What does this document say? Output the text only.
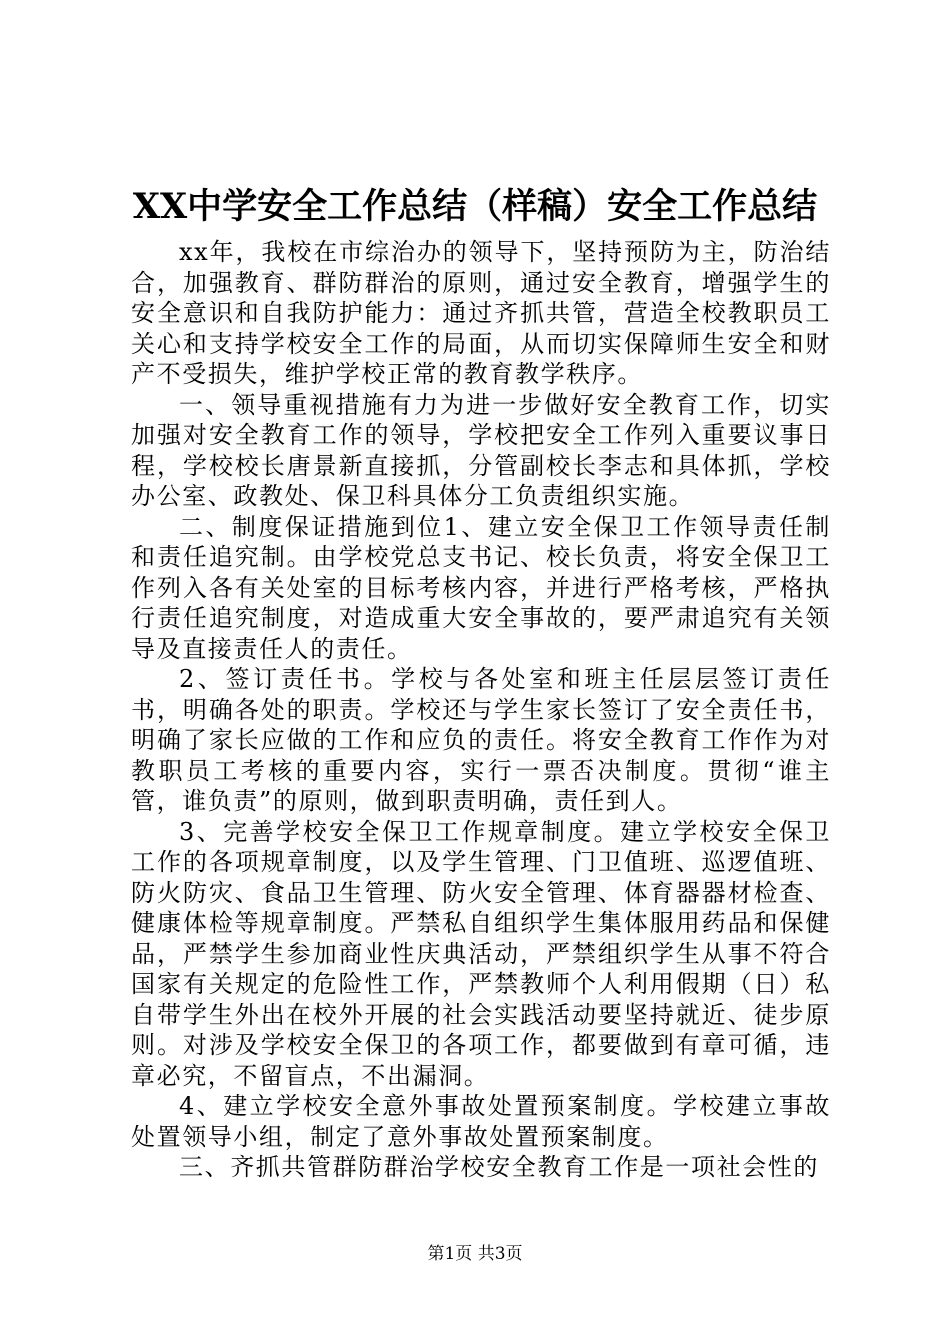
XX中学安全工作总结（样稿）安全工作总结

xx年，我校在市综治办的领导下，坚持预防为主，防治结合，加强教育、群防群治的原则，通过安全教育，增强学生的安全意识和自我防护能力：通过齐抓共管，营造全校教职员工关心和支持学校安全工作的局面，从而切实保障师生安全和财产不受损失，维护学校正常的教育教学秩序。

一、领导重视措施有力为进一步做好安全教育工作，切实加强对安全教育工作的领导，学校把安全工作列入重要议事日程，学校校长唐景新直接抓，分管副校长李志和具体抓，学校办公室、政教处、保卫科具体分工负责组织实施。

二、制度保证措施到位1、建立安全保卫工作领导责任制和责任追究制。由学校党总支书记、校长负责，将安全保卫工作列入各有关处室的目标考核内容，并进行严格考核，严格执行责任追究制度，对造成重大安全事故的，要严肃追究有关领导及直接责任人的责任。

2、签订责任书。学校与各处室和班主任层层签订责任书，明确各处的职责。学校还与学生家长签订了安全责任书，明确了家长应做的工作和应负的责任。将安全教育工作作为对教职员工考核的重要内容，实行一票否决制度。贯彻“谁主管，谁负责”的原则，做到职责明确，责任到人。

3、完善学校安全保卫工作规章制度。建立学校安全保卫工作的各项规章制度，以及学生管理、门卫值班、巡逻值班、防火防灾、食品卫生管理、防火安全管理、体育器器材检查、健康体检等规章制度。严禁私自组织学生集体服用药品和保健品，严禁学生参加商业性庆典活动，严禁组织学生从事不符合国家有关规定的危险性工作，严禁教师个人利用假期（日）私自带学生外出在校外开展的社会实践活动要坚持就近、徒步原则。对涉及学校安全保卫的各项工作，都要做到有章可循，违章必究，不留盲点，不出漏洞。

4、建立学校安全意外事故处置预案制度。学校建立事故处置领导小组，制定了意外事故处置预案制度。

三、齐抓共管群防群治学校安全教育工作是一项社会性的

第1页 共3页
